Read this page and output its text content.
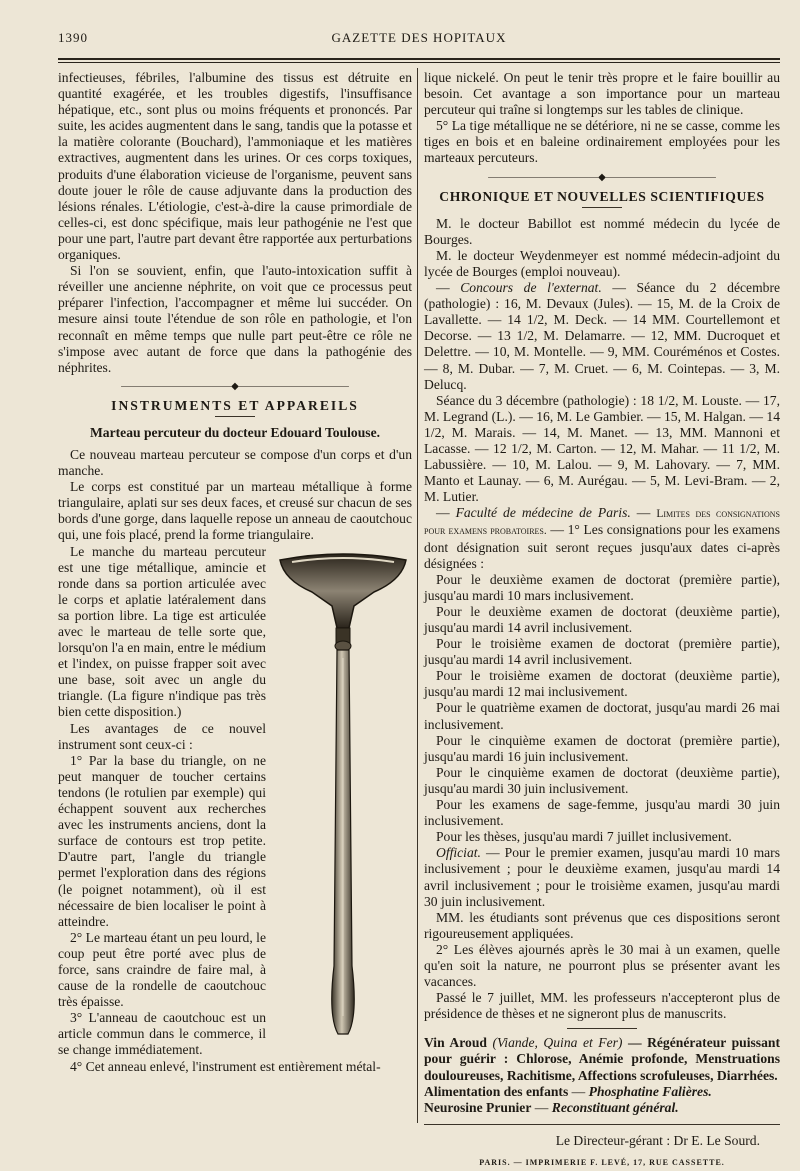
1390	GAZETTE DES HOPITAUX

infectieuses, fébriles, l'albumine des tissus est détruite en quantité exagérée, et les troubles digestifs, l'insuffisance hépatique, etc., sont plus ou moins fréquents et prononcés. Par suite, les acides augmentent dans le sang, tandis que la potasse et la matière colorante (Bouchard), l'ammoniaque et les matières extractives, augmentent dans les urines. Or ces corps toxiques, produits d'une élaboration vicieuse de l'organisme, peuvent sans doute jouer le rôle de cause adjuvante dans la production des lésions rénales. L'étiologie, c'est-à-dire la cause primordiale de celles-ci, est donc spécifique, mais leur pathogénie ne l'est que pour une part, l'autre part devant être rapportée aux perturbations organiques.

Si l'on se souvient, enfin, que l'auto-intoxication suffit à réveiller une ancienne néphrite, on voit que ce processus peut préparer l'infection, l'accompagner et même lui succéder. On mesure ainsi toute l'étendue de son rôle en pathologie, et l'on reconnaît en même temps que nulle part peut-être ce rôle ne s'impose avec autant de force que dans la pathogénie des néphrites.

———————————◆———————————
INSTRUMENTS ET APPAREILS
Marteau percuteur du docteur Edouard Toulouse.

Ce nouveau marteau percuteur se compose d'un corps et d'un manche.

Le corps est constitué par un marteau métallique à forme triangulaire, aplati sur ses deux faces, et creusé sur chacun de ses bords d'une gorge, dans laquelle repose un anneau de caoutchouc qui, une fois placé, prend la forme triangulaire.

Le manche du marteau percuteur est une tige métallique, amincie et ronde dans sa portion articulée avec le corps et aplatie latéralement dans sa portion libre. La tige est articulée avec le marteau de telle sorte que, lorsqu'on l'a en main, entre le médium et l'index, on puisse frapper soit avec une base, soit avec un angle du triangle. (La figure n'indique pas très bien cette disposition.)

Les avantages de ce nouvel instrument sont ceux-ci :

1° Par la base du triangle, on ne peut manquer de toucher certains tendons (le rotulien par exemple) qui échappent souvent aux recherches avec les instruments anciens, dont la surface de contours est trop petite. D'autre part, l'angle du triangle permet l'exploration dans des régions (le poignet notamment), où il est nécessaire de bien localiser le point à atteindre.

2° Le marteau étant un peu lourd, le coup peut être porté avec plus de force, sans craindre de faire mal, à cause de la rondelle de caoutchouc très épaisse.

3° L'anneau de caoutchouc est un article commun dans le commerce, il se change immédiatement.

4° Cet anneau enlevé, l'instrument est entièrement métal-

lique nickelé. On peut le tenir très propre et le faire bouillir au besoin. Cet avantage a son importance pour un marteau percuteur qui traîne si longtemps sur les tables de clinique.

5° La tige métallique ne se détériore, ni ne se casse, comme les tiges en bois et en baleine ordinairement employées pour les marteaux percuteurs.

———————————◆———————————
CHRONIQUE ET NOUVELLES SCIENTIFIQUES

M. le docteur Babillot est nommé médecin du lycée de Bourges.

M. le docteur Weydenmeyer est nommé médecin-adjoint du lycée de Bourges (emploi nouveau).

— Concours de l'externat. — Séance du 2 décembre (pathologie) : 16, M. Devaux (Jules). — 15, M. de la Croix de Lavallette. — 14 1/2, M. Deck. — 14 MM. Courtellemont et Decorse. — 13 1/2, M. Delamarre. — 12, MM. Ducroquet et Delettre. — 10, M. Montelle. — 9, MM. Couréménos et Costes. — 8, M. Dubar. — 7, M. Cruet. — 6, M. Cointepas. — 3, M. Delucq.

Séance du 3 décembre (pathologie) : 18 1/2, M. Louste. — 17, M. Legrand (L.). — 16, M. Le Gambier. — 15, M. Halgan. — 14 1/2, M. Marais. — 14, M. Manet. — 13, MM. Mannoni et Lacasse. — 12 1/2, M. Carton. — 12, M. Mahar. — 11 1/2, M. Labussière. — 10, M. Lalou. — 9, M. Lahovary. — 7, MM. Manto et Launay. — 6, M. Aurégau. — 5, M. Levi-Bram. — 2, M. Lutier.

— Faculté de médecine de Paris. — Limites des consignations pour examens probatoires. — 1° Les consignations pour les examens dont désignation suit seront reçues jusqu'aux dates ci-après désignées :

Pour le deuxième examen de doctorat (première partie), jusqu'au mardi 10 mars inclusivement.

Pour le deuxième examen de doctorat (deuxième partie), jusqu'au mardi 14 avril inclusivement.

Pour le troisième examen de doctorat (première partie), jusqu'au mardi 14 avril inclusivement.

Pour le troisième examen de doctorat (deuxième partie), jusqu'au mardi 12 mai inclusivement.

Pour le quatrième examen de doctorat, jusqu'au mardi 26 mai inclusivement.

Pour le cinquième examen de doctorat (première partie), jusqu'au mardi 16 juin inclusivement.

Pour le cinquième examen de doctorat (deuxième partie), jusqu'au mardi 30 juin inclusivement.

Pour les examens de sage-femme, jusqu'au mardi 30 juin inclusivement.

Pour les thèses, jusqu'au mardi 7 juillet inclusivement.

Officiat. — Pour le premier examen, jusqu'au mardi 10 mars inclusivement ; pour le deuxième examen, jusqu'au mardi 14 avril inclusivement ; pour le troisième examen, jusqu'au mardi 30 juin inclusivement.

MM. les étudiants sont prévenus que ces dispositions seront rigoureusement appliquées.

2° Les élèves ajournés après le 30 mai à un examen, quelle qu'en soit la nature, ne pourront plus se présenter avant les vacances.

Passé le 7 juillet, MM. les professeurs n'accepteront plus de présidence de thèses et ne signeront plus de manuscrits.

Vin Aroud (Viande, Quina et Fer) — Régénérateur puissant pour guérir : Chlorose, Anémie profonde, Menstruations douloureuses, Rachitisme, Affections scrofuleuses, Diarrhées.

Alimentation des enfants — Phosphatine Falières.

Neurosine Prunier — Reconstituant général.

Le Directeur-gérant : Dr E. Le Sourd.
PARIS. — IMPRIMERIE F. LEVÉ, 17, RUE CASSETTE.
